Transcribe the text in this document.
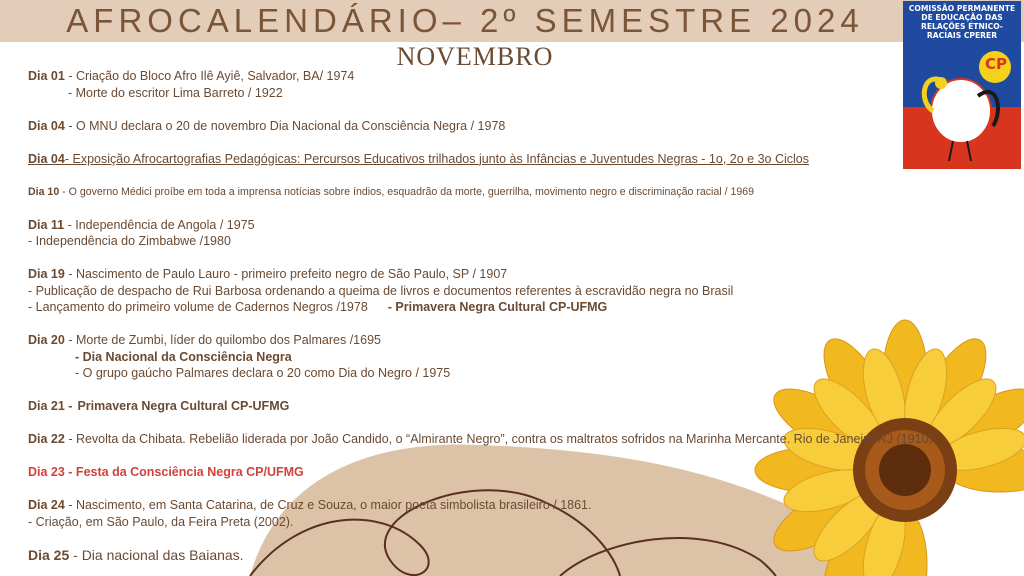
AFROCALENDÁRIO– 2º SEMESTRE 2024
NOVEMBRO
COMISSÃO PERMANENTE DE EDUCAÇÃO DAS RELAÇÕES ÉTNICO-RACIAIS CPERER
CP
Dia 01 - Criação do Bloco Afro Ilê Ayiê, Salvador, BA/ 1974
- Morte do escritor Lima Barreto / 1922
Dia 04 - O MNU declara o 20 de novembro Dia Nacional da Consciência Negra / 1978
Dia 04- Exposição Afrocartografias Pedagógicas: Percursos Educativos trilhados junto às Infâncias e Juventudes Negras - 1o, 2o e 3o Ciclos
Dia 10 - O governo Médici proíbe em toda a imprensa notícias sobre índios, esquadrão da morte, guerrilha, movimento negro e discriminação racial / 1969
Dia 11 - Independência de Angola / 1975
- Independência do Zimbabwe /1980
Dia 19 - Nascimento de Paulo Lauro - primeiro prefeito negro de São Paulo, SP / 1907
- Publicação de despacho de Rui Barbosa ordenando a queima de livros e documentos referentes à escravidão negra no Brasil
- Lançamento do primeiro volume de Cadernos Negros /1978 - Primavera Negra Cultural CP-UFMG
Dia 20 - Morte de Zumbi, líder do quilombo dos Palmares /1695
- Dia Nacional da Consciência Negra
- O grupo gaúcho Palmares declara o 20 como Dia do Negro / 1975
Dia 21 - Primavera Negra Cultural CP-UFMG
Dia 22 - Revolta da Chibata. Rebelião liderada por João Candido, o “Almirante Negro”, contra os maltratos sofridos na Marinha Mercante. Rio de Janeiro/RJ (1910).
Dia 23 - Festa da Consciência Negra CP/UFMG
Dia 24 - Nascimento, em Santa Catarina, de Cruz e Souza, o maior poeta simbolista brasileiro / 1861.
- Criação, em São Paulo, da Feira Preta (2002).
Dia 25 - Dia nacional das Baianas.
